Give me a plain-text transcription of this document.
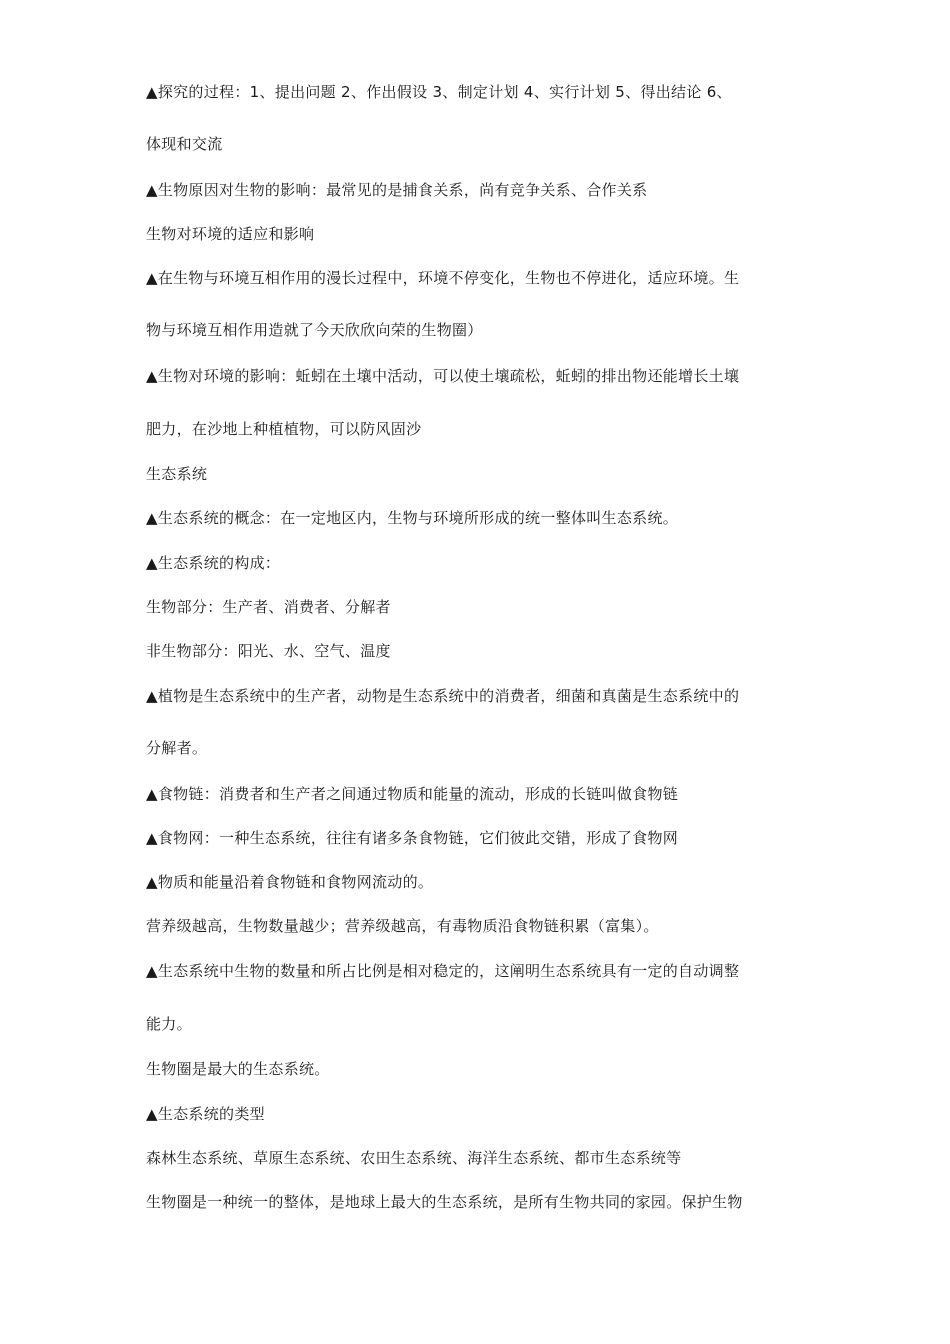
▲探究的过程：1、提出问题 2、作出假设 3、制定计划 4、实行计划 5、得出结论 6、
体现和交流
▲生物原因对生物的影响：最常见的是捕食关系，尚有竞争关系、合作关系
生物对环境的适应和影响
▲在生物与环境互相作用的漫长过程中，环境不停变化，生物也不停进化，适应环境。生
物与环境互相作用造就了今天欣欣向荣的生物圈）
▲生物对环境的影响：蚯蚓在土壤中活动，可以使土壤疏松，蚯蚓的排出物还能增长土壤
肥力，在沙地上种植植物，可以防风固沙
生态系统
▲生态系统的概念：在一定地区内，生物与环境所形成的统一整体叫生态系统。
▲生态系统的构成：
生物部分：生产者、消费者、分解者
非生物部分：阳光、水、空气、温度
▲植物是生态系统中的生产者，动物是生态系统中的消费者，细菌和真菌是生态系统中的
分解者。
▲食物链：消费者和生产者之间通过物质和能量的流动，形成的长链叫做食物链
▲食物网：一种生态系统，往往有诸多条食物链，它们彼此交错，形成了食物网
▲物质和能量沿着食物链和食物网流动的。
营养级越高，生物数量越少；营养级越高，有毒物质沿食物链积累（富集）。
▲生态系统中生物的数量和所占比例是相对稳定的，这阐明生态系统具有一定的自动调整
能力。
生物圈是最大的生态系统。
▲生态系统的类型
森林生态系统、草原生态系统、农田生态系统、海洋生态系统、都市生态系统等
生物圈是一种统一的整体，是地球上最大的生态系统，是所有生物共同的家园。保护生物
